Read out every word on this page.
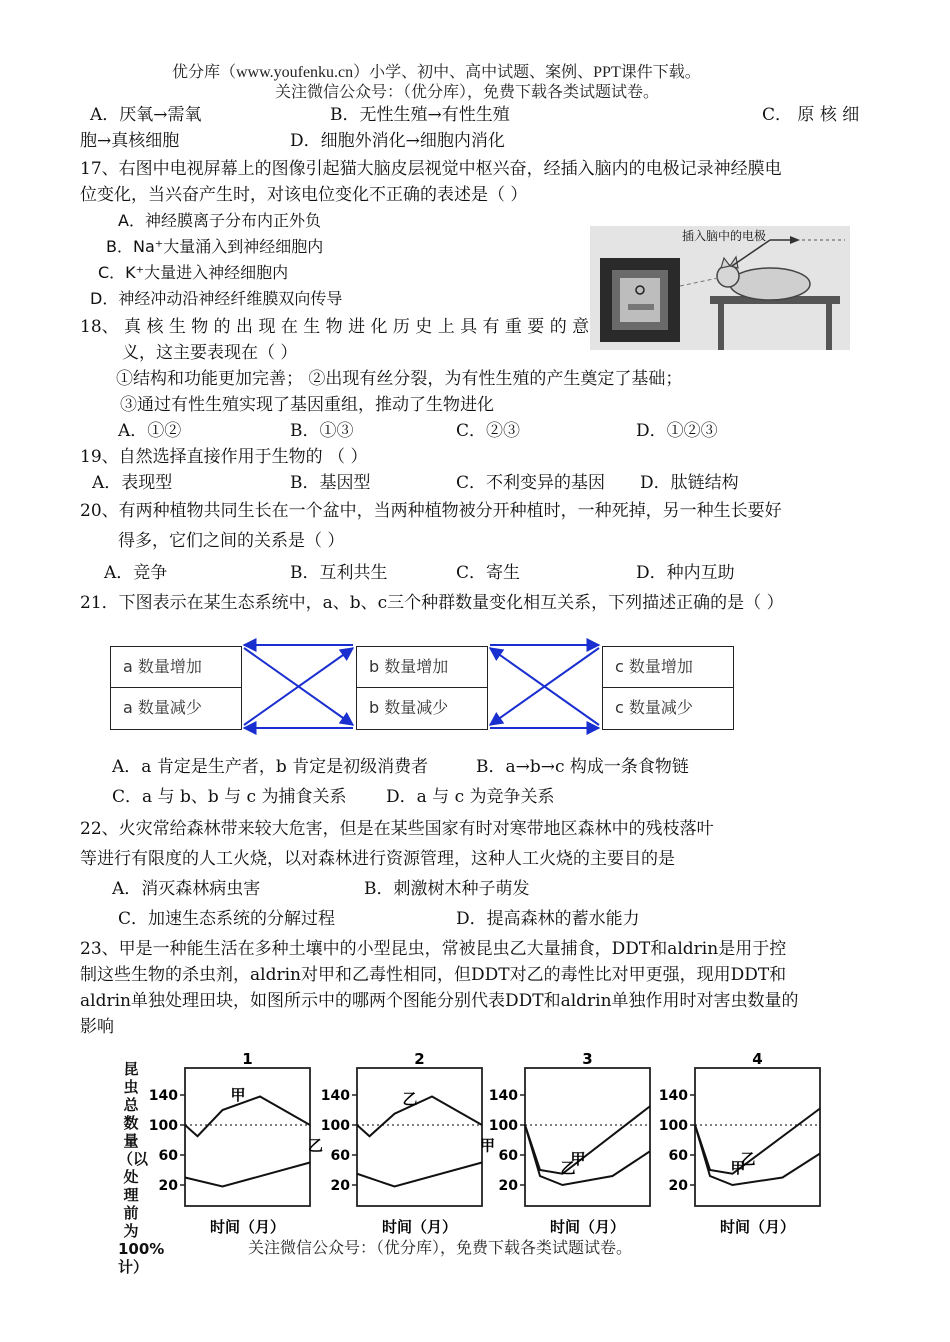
优分库（www.youfenku.cn）小学、初中、高中试题、案例、PPT课件下载。
关注微信公众号：（优分库），免费下载各类试题试卷。
A．厌氧→需氧	B．无性生殖→有性生殖	C． 原 核 细
胞→真核细胞	D．细胞外消化→细胞内消化
17、右图中电视屏幕上的图像引起猫大脑皮层视觉中枢兴奋，经插入脑内的电极记录神经膜电
位变化，当兴奋产生时，对该电位变化不正确的表述是（ ）
A．神经膜离子分布内正外负
B．Na⁺大量涌入到神经细胞内
C．K⁺大量进入神经细胞内
D．神经冲动沿神经纤维膜双向传导
插入脑中的电极
18、 真 核 生 物 的 出 现 在 生 物 进 化 历 史 上 具 有 重 要 的 意
义，这主要表现在（ ）
①结构和功能更加完善； ②出现有丝分裂，为有性生殖的产生奠定了基础；
③通过有性生殖实现了基因重组，推动了生物进化
A．①②	B．①③	C．②③	D．①②③
19、自然选择直接作用于生物的 （ ）
A．表现型	B．基因型	C．不利变异的基因 D．肽链结构
20、有两种植物共同生长在一个盆中，当两种植物被分开种植时，一种死掉，另一种生长要好
得多，它们之间的关系是（ ）
A．竞争	B．互利共生	C．寄生	D．种内互助
21．下图表示在某生态系统中，a、b、c三个种群数量变化相互关系，下列描述正确的是（ ）
a 数量增加
a 数量减少
b 数量增加
b 数量减少
c 数量增加
c 数量减少
A．a 肯定是生产者，b 肯定是初级消费者	B．a→b→c 构成一条食物链
C．a 与 b、b 与 c 为捕食关系 D．a 与 c 为竞争关系
22、火灾常给森林带来较大危害，但是在某些国家有时对寒带地区森林中的残枝落叶
等进行有限度的人工火烧，以对森林进行资源管理，这种人工火烧的主要目的是
A．消灭森林病虫害	B．刺激树木种子萌发
C．加速生态系统的分解过程	D．提高森林的蓄水能力
23、甲是一种能生活在多种土壤中的小型昆虫，常被昆虫乙大量捕食，DDT和aldrin是用于控
制这些生物的杀虫剂，aldrin对甲和乙毒性相同，但DDT对乙的毒性比对甲更强，现用DDT和
aldrin单独处理田块，如图所示中的哪两个图能分别代表DDT和aldrin单独作用时对害虫数量的
影响
昆虫总数量（以处理前为100%计）
1
140
100
60
20
甲
乙
时间（月）
2
140
100
60
20
乙
甲
时间（月）
3
140
100
60
20
甲
乙
时间（月）
4
140
100
60
20
乙
甲
时间（月）
关注微信公众号：（优分库），免费下载各类试题试卷。
